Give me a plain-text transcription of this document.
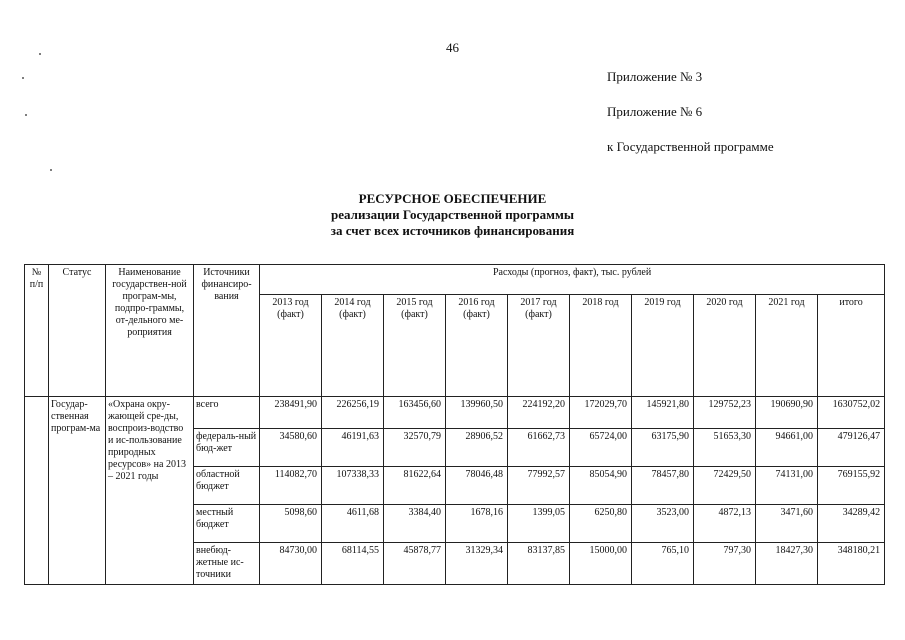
46
Приложение № 3
Приложение № 6
к Государственной программе
РЕСУРСНОЕ ОБЕСПЕЧЕНИЕ
реализации Государственной программы
за счет всех источников финансирования
№ п/п	Статус	Наименование государствен-ной програм-мы, подпро-граммы, от-дельного ме-роприятия	Источники финансиро-вания	Расходы (прогноз, факт), тыс. рублей									
				2013 год (факт)	2014 год (факт)	2015 год (факт)	2016 год (факт)	2017 год (факт)	2018 год	2019 год	2020 год	2021 год	итого
	Государ-ственная програм-ма	«Охрана окру-жающей сре-ды, воспроиз-водство и ис-пользование природных ресурсов» на 2013 – 2021 годы	всего	238491,90	226256,19	163456,60	139960,50	224192,20	172029,70	145921,80	129752,23	190690,90	1630752,02
			федераль-ный бюд-жет	34580,60	46191,63	32570,79	28906,52	61662,73	65724,00	63175,90	51653,30	94661,00	479126,47
			областной бюджет	114082,70	107338,33	81622,64	78046,48	77992,57	85054,90	78457,80	72429,50	74131,00	769155,92
			местный бюджет	5098,60	4611,68	3384,40	1678,16	1399,05	6250,80	3523,00	4872,13	3471,60	34289,42
			внебюд-жетные ис-точники	84730,00	68114,55	45878,77	31329,34	83137,85	15000,00	765,10	797,30	18427,30	348180,21
